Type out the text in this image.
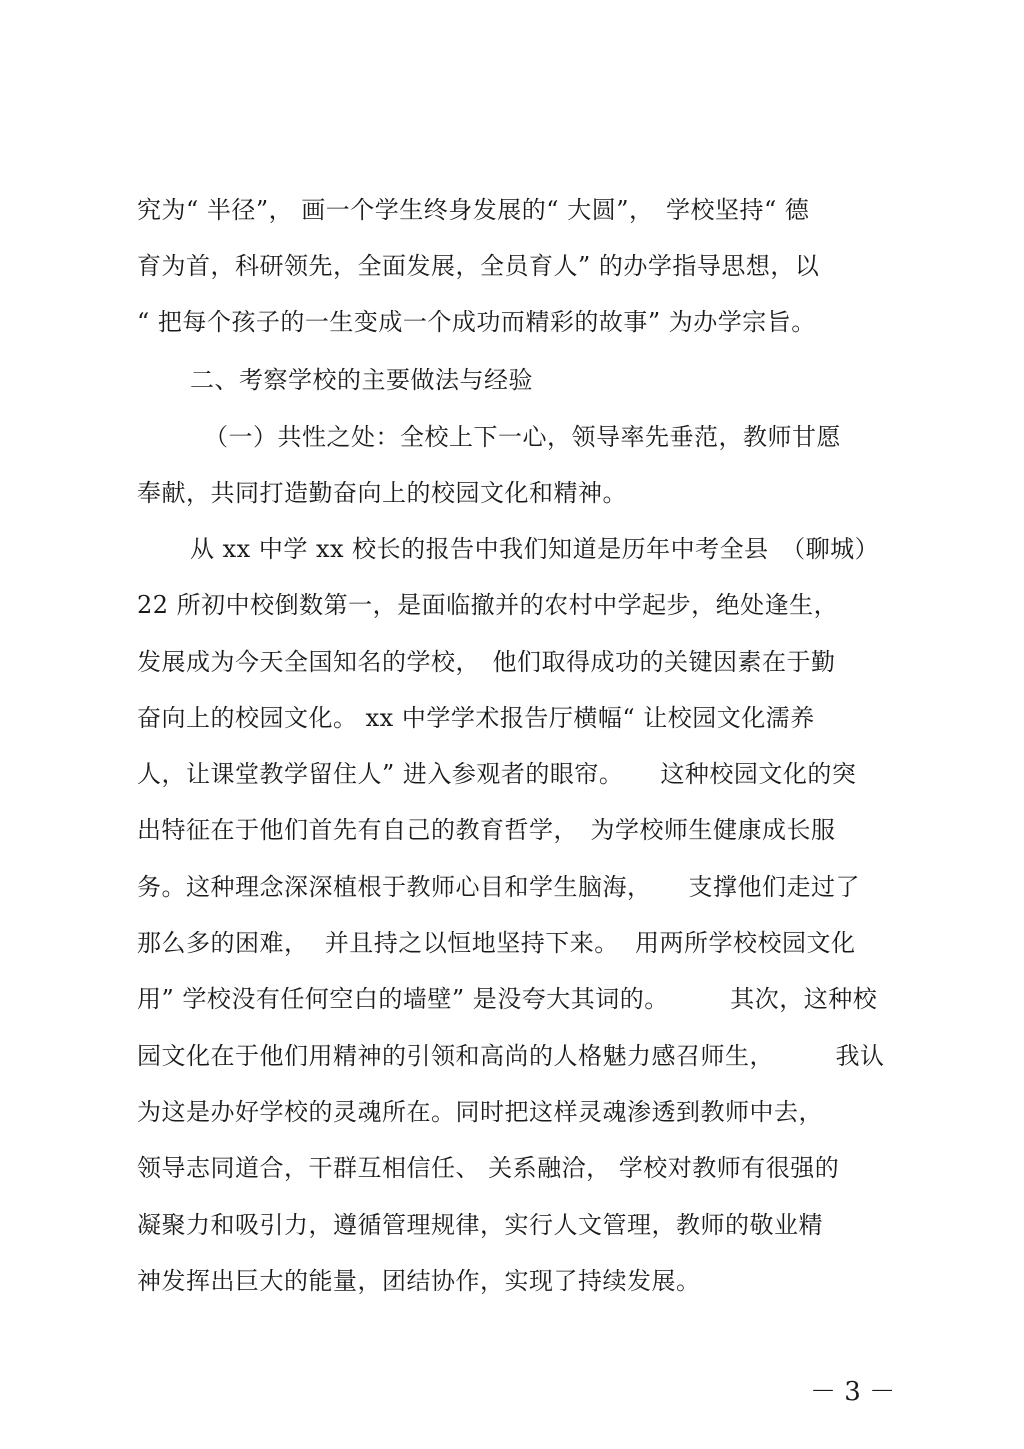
究为“ 半径”， 画一个学生终身发展的“ 大圆”，　学校坚持“ 德
育为首，科研领先，全面发展，全员育人” 的办学指导思想，以
“ 把每个孩子的一生变成一个成功而精彩的故事” 为办学宗旨。
二、考察学校的主要做法与经验
（一）共性之处：全校上下一心，领导率先垂范，教师甘愿
奉献，共同打造勤奋向上的校园文化和精神。
从 xx 中学 xx 校长的报告中我们知道是历年中考全县　（聊城）
22 所初中校倒数第一，是面临撤并的农村中学起步，绝处逢生，
发展成为今天全国知名的学校，　他们取得成功的关键因素在于勤
奋向上的校园文化。 xx 中学学术报告厅横幅“ 让校园文化濡养
人，让课堂教学留住人” 进入参观者的眼帘。　　这种校园文化的突
出特征在于他们首先有自己的教育哲学，　为学校师生健康成长服
务。这种理念深深植根于教师心目和学生脑海，　　支撑他们走过了
那么多的困难，  并且持之以恒地坚持下来。  用两所学校校园文化
用” 学校没有任何空白的墙壁” 是没夸大其词的。　　　其次，这种校
园文化在于他们用精神的引领和高尚的人格魅力感召师生，　　　我认
为这是办好学校的灵魂所在。同时把这样灵魂渗透到教师中去，
领导志同道合，干群互相信任、 关系融洽， 学校对教师有很强的
凝聚力和吸引力，遵循管理规律，实行人文管理，教师的敬业精
神发挥出巨大的能量，团结协作，实现了持续发展。
－ 3 －
